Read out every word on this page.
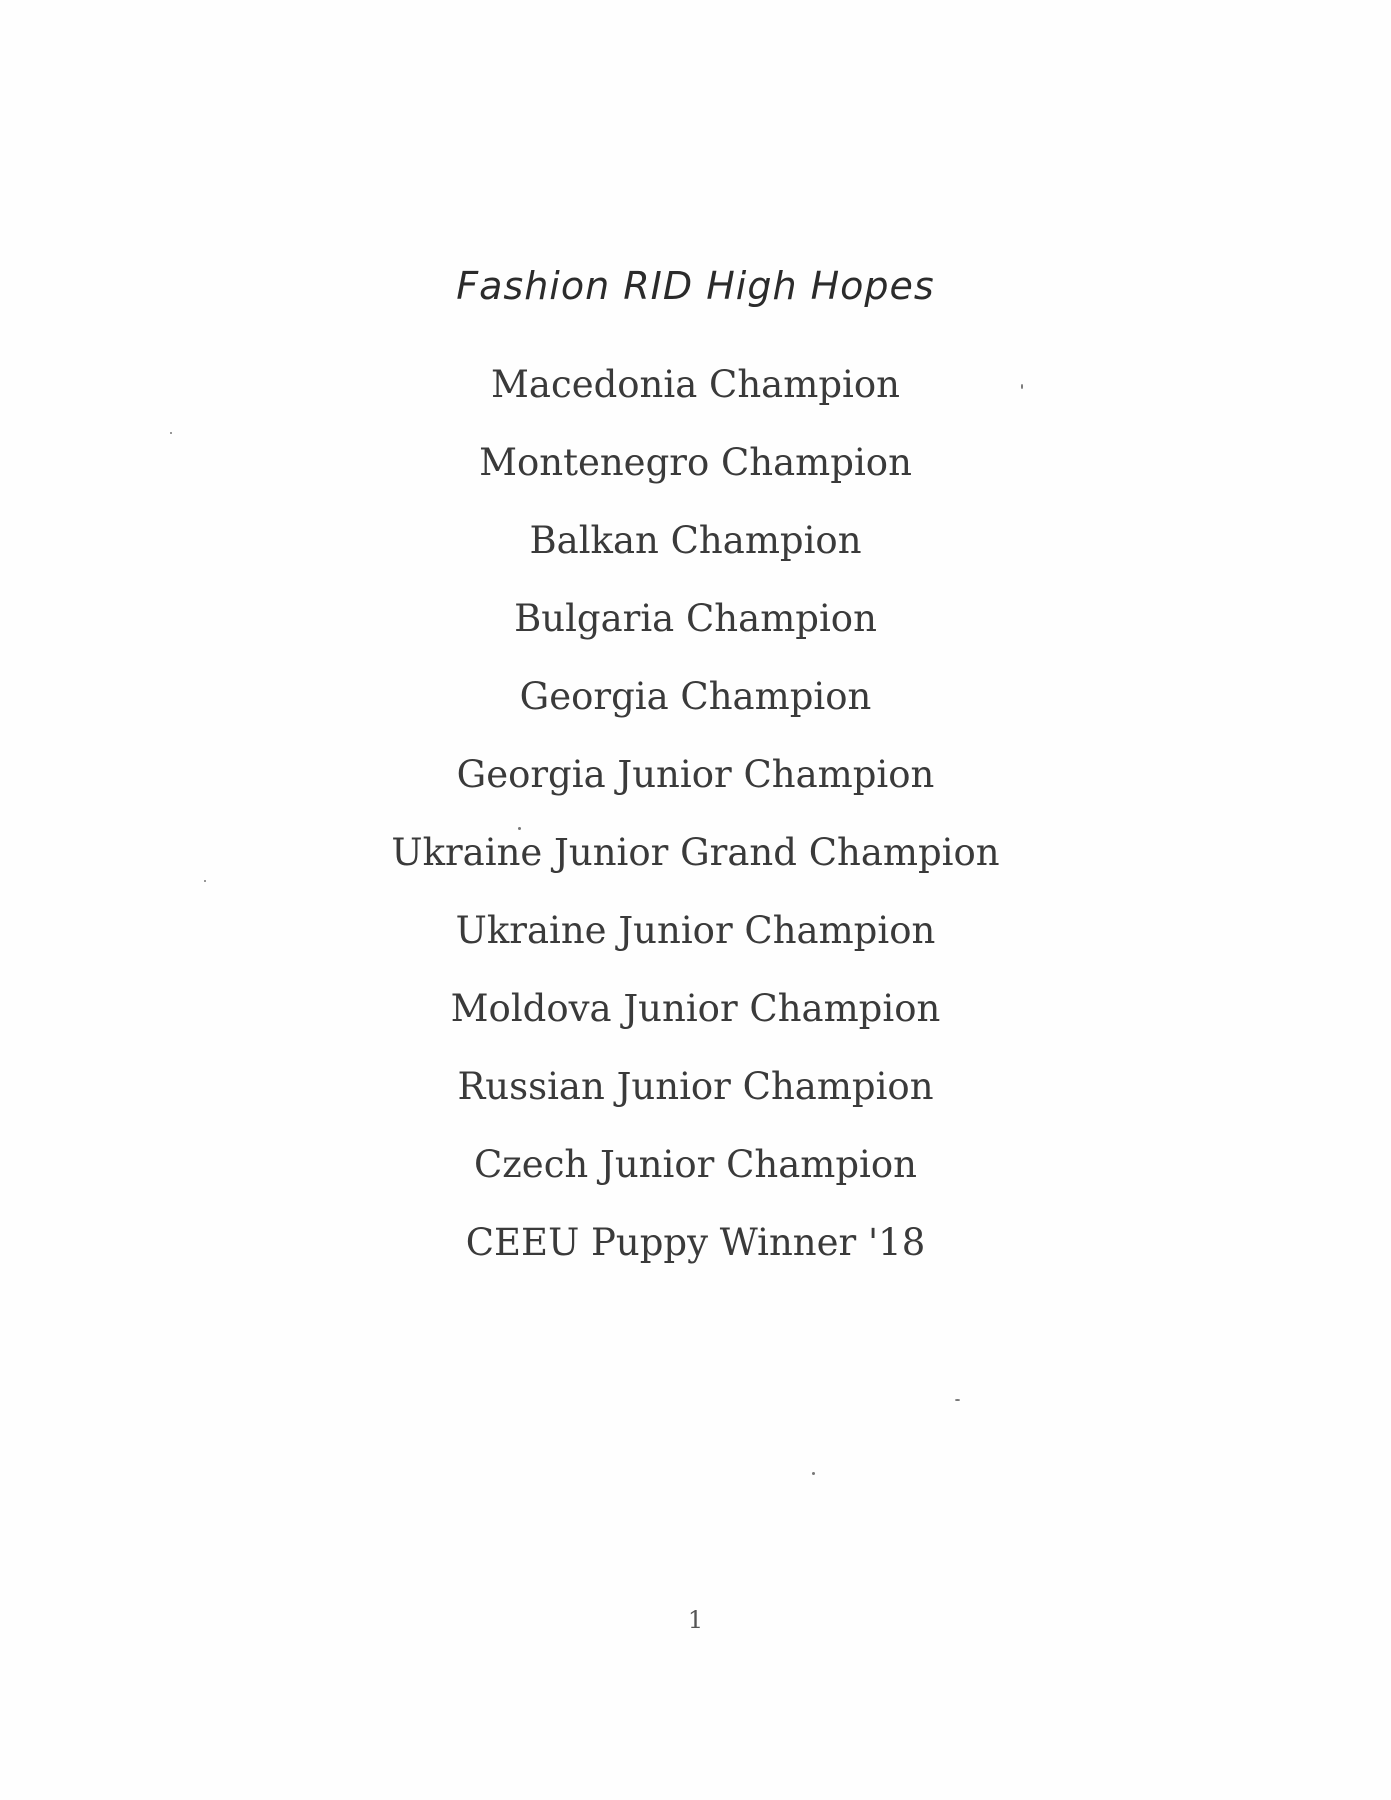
Fashion RID High Hopes
Macedonia Champion
Montenegro Champion
Balkan Champion
Bulgaria Champion
Georgia Champion
Georgia Junior Champion
Ukraine Junior Grand Champion
Ukraine Junior Champion
Moldova Junior Champion
Russian Junior Champion
Czech Junior Champion
CEEU Puppy Winner '18
1
